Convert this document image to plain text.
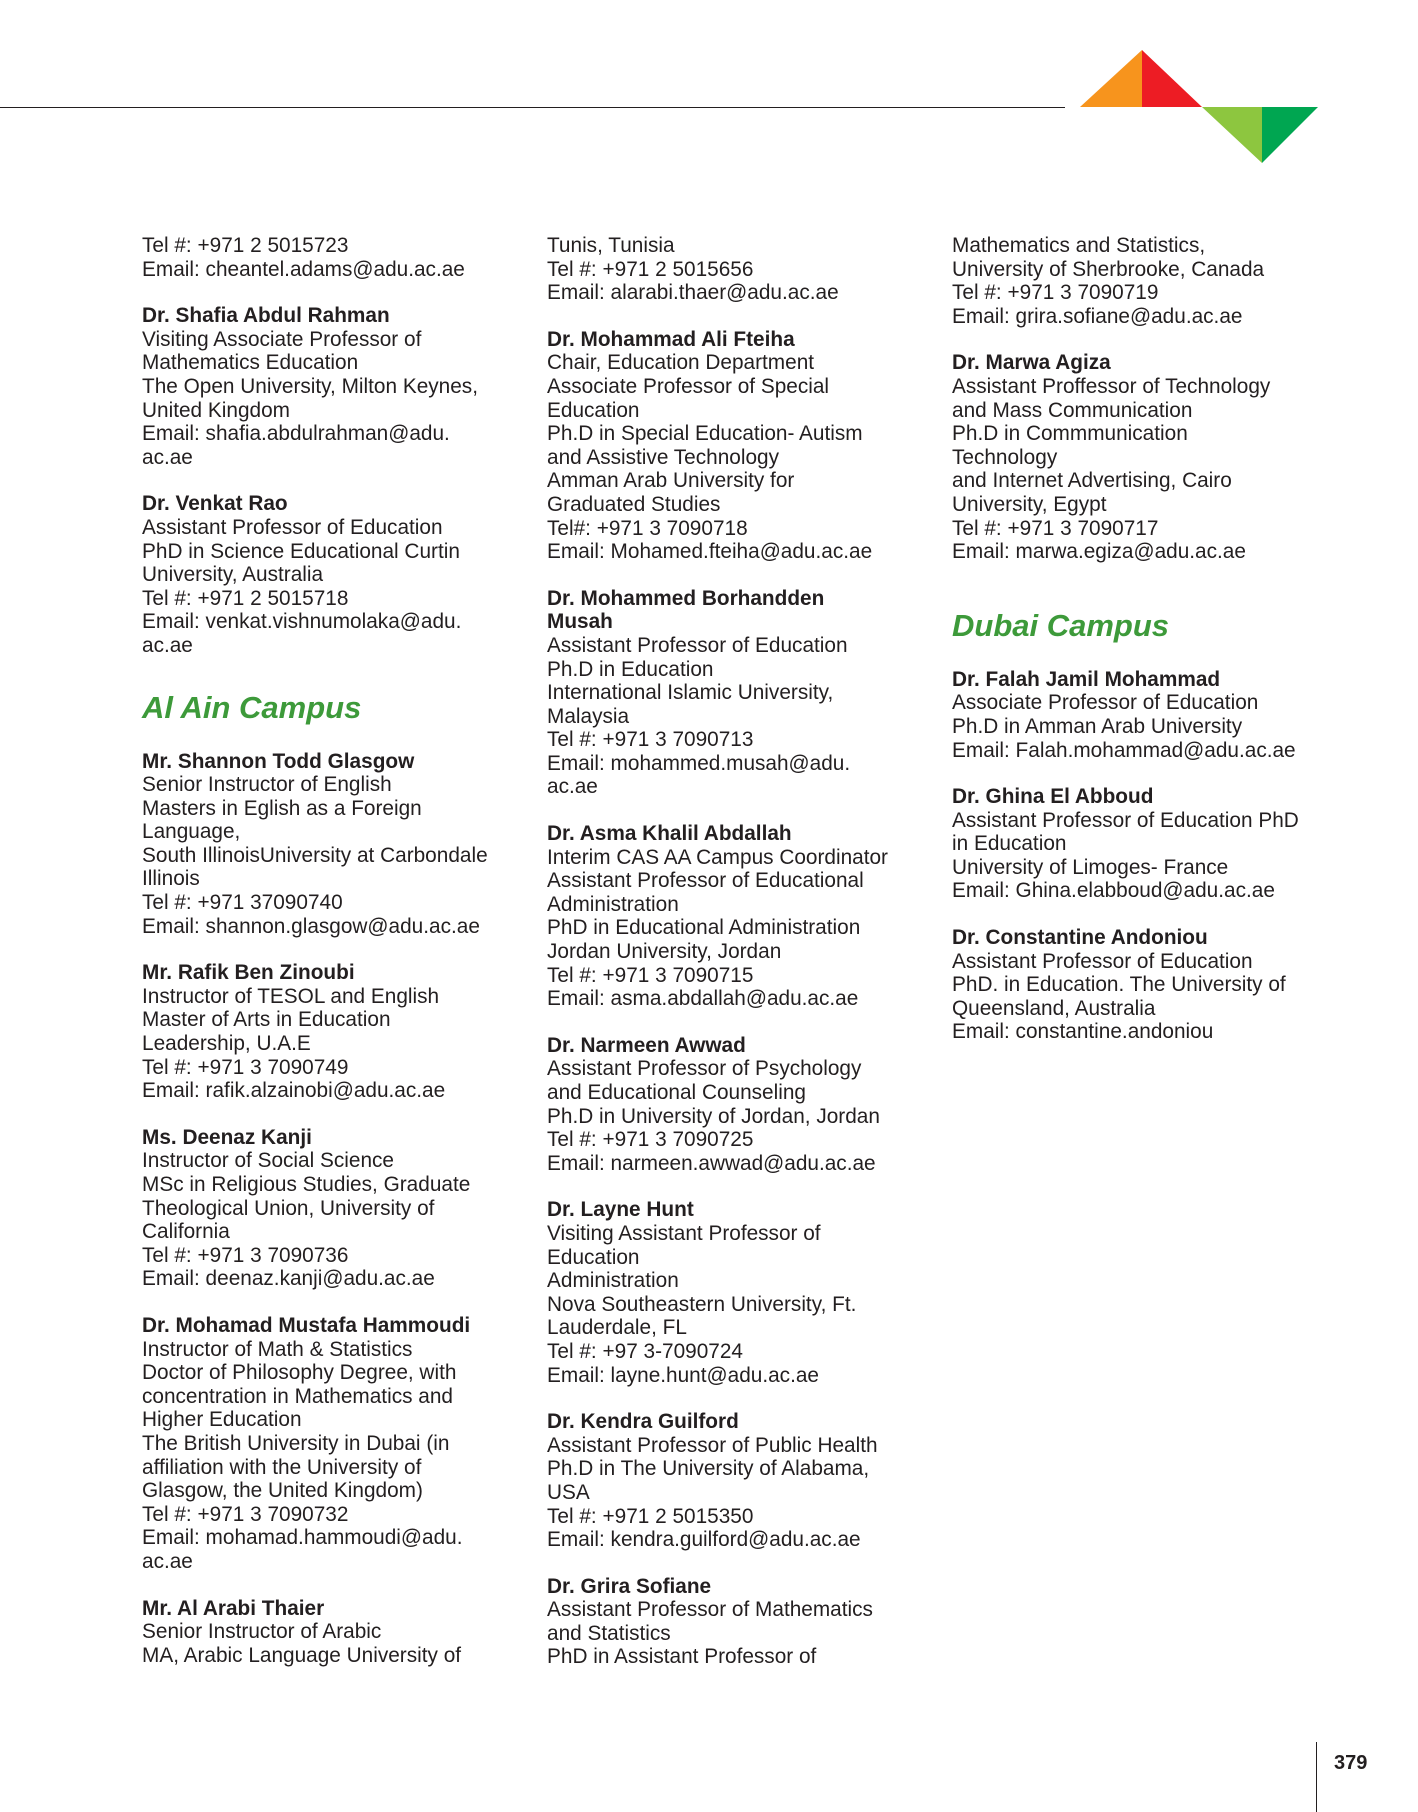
Tel #: +971 2 5015723
Email: cheantel.adams@adu.ac.ae
Dr. Shafia Abdul Rahman
Visiting Associate Professor of
Mathematics Education
The Open University, Milton Keynes,
United Kingdom
Email: shafia.abdulrahman@adu.
ac.ae
Dr. Venkat Rao
Assistant Professor of Education
PhD in Science Educational Curtin
University, Australia
Tel #: +971 2 5015718
Email: venkat.vishnumolaka@adu.
ac.ae
Al Ain Campus
Mr. Shannon Todd Glasgow
Senior Instructor of English
Masters in Eglish as a Foreign
Language,
South IllinoisUniversity at Carbondale
Illinois
Tel #: +971 37090740
Email: shannon.glasgow@adu.ac.ae
Mr. Rafik Ben Zinoubi
Instructor of TESOL and English
Master of Arts in Education
Leadership, U.A.E
Tel #: +971 3 7090749
Email: rafik.alzainobi@adu.ac.ae
Ms. Deenaz Kanji
Instructor of Social Science
MSc in Religious Studies, Graduate
Theological Union, University of
California
Tel #: +971 3 7090736
Email: deenaz.kanji@adu.ac.ae
Dr. Mohamad Mustafa Hammoudi
Instructor of Math & Statistics
Doctor of Philosophy Degree, with
concentration in Mathematics and
Higher Education
The British University in Dubai (in
affiliation with the University of
Glasgow, the United Kingdom)
Tel #: +971 3 7090732
Email: mohamad.hammoudi@adu.
ac.ae
Mr. Al Arabi Thaier
Senior Instructor of Arabic
MA, Arabic Language University of
Tunis, Tunisia
Tel #: +971 2 5015656
Email: alarabi.thaer@adu.ac.ae
Dr. Mohammad Ali Fteiha
Chair, Education Department
Associate Professor of Special
Education
Ph.D in Special Education- Autism
and Assistive Technology
Amman Arab University for
Graduated Studies
Tel#: +971 3 7090718
Email: Mohamed.fteiha@adu.ac.ae
Dr. Mohammed Borhandden
Musah
Assistant Professor of Education
Ph.D in Education
International Islamic University,
Malaysia
Tel #: +971 3 7090713
Email: mohammed.musah@adu.
ac.ae
Dr. Asma Khalil Abdallah
Interim CAS AA Campus Coordinator
Assistant Professor of Educational
Administration
PhD in Educational Administration
Jordan University, Jordan
Tel #: +971 3 7090715
Email: asma.abdallah@adu.ac.ae
Dr. Narmeen Awwad
Assistant Professor of Psychology
and Educational Counseling
Ph.D in University of Jordan, Jordan
Tel #: +971 3 7090725
Email: narmeen.awwad@adu.ac.ae
Dr. Layne Hunt
Visiting Assistant Professor of
Education
Administration
Nova Southeastern University, Ft.
Lauderdale, FL
Tel #: +97 3-7090724
Email: layne.hunt@adu.ac.ae
Dr. Kendra Guilford
Assistant Professor of Public Health
Ph.D in The University of Alabama,
USA
Tel #: +971 2 5015350
Email: kendra.guilford@adu.ac.ae
Dr. Grira Sofiane
Assistant Professor of Mathematics
and Statistics
PhD in Assistant Professor of
Mathematics and Statistics,
University of Sherbrooke, Canada
Tel #: +971 3 7090719
Email: grira.sofiane@adu.ac.ae
Dr. Marwa Agiza
Assistant Proffessor of Technology
and Mass Communication
Ph.D in Commmunication
Technology
and Internet Advertising, Cairo
University, Egypt
Tel #: +971 3 7090717
Email: marwa.egiza@adu.ac.ae
Dubai Campus
Dr. Falah Jamil Mohammad
Associate Professor of Education
Ph.D in Amman Arab University
Email: Falah.mohammad@adu.ac.ae
Dr. Ghina El Abboud
Assistant Professor of Education PhD
in Education
University of Limoges- France
Email: Ghina.elabboud@adu.ac.ae
Dr. Constantine Andoniou
Assistant Professor of Education
PhD. in Education. The University of
Queensland, Australia
Email: constantine.andoniou
379
